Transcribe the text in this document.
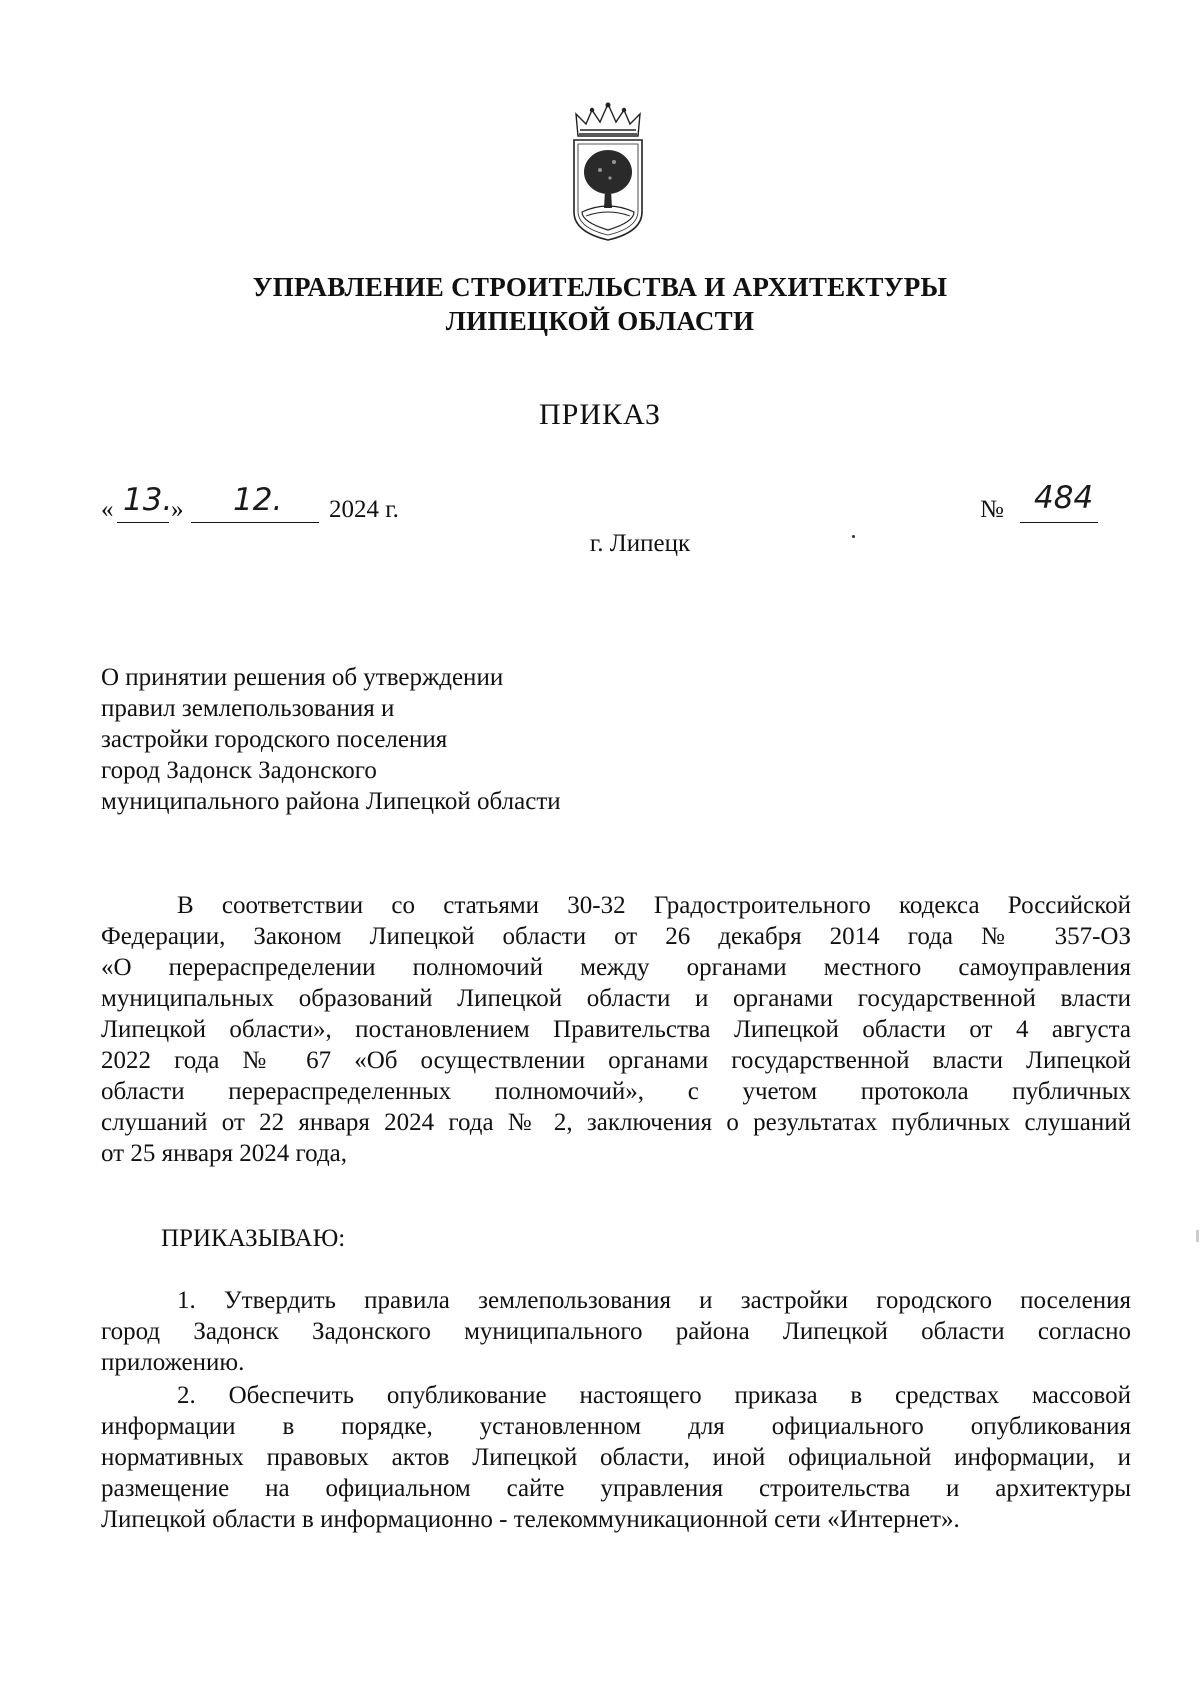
УПРАВЛЕНИЕ СТРОИТЕЛЬСТВА И АРХИТЕКТУРЫ
ЛИПЕЦКОЙ ОБЛАСТИ
ПРИКАЗ
« 13.
» 12. 2024 г.	№ 484
г. Липецк
О принятии решения об утверждении
правил землепользования и
застройки городского поселения
город Задонск Задонского
муниципального района Липецкой области
В соответствии со статьями 30-32 Градостроительного кодекса Российской
Федерации, Законом Липецкой области от 26 декабря 2014 года № 357-ОЗ
«О перераспределении полномочий между органами местного самоуправления
муниципальных образований Липецкой области и органами государственной власти
Липецкой области», постановлением Правительства Липецкой области от 4 августа
2022 года № 67 «Об осуществлении органами государственной власти Липецкой
области перераспределенных полномочий», с учетом протокола публичных
слушаний от 22 января 2024 года № 2, заключения о результатах публичных слушаний
от 25 января 2024 года,
ПРИКАЗЫВАЮ:
1. Утвердить правила землепользования и застройки городского поселения
город Задонск Задонского муниципального района Липецкой области согласно
приложению.
2. Обеспечить опубликование настоящего приказа в средствах массовой
информации в порядке, установленном для официального опубликования
нормативных правовых актов Липецкой области, иной официальной информации, и
размещение на официальном сайте управления строительства и архитектуры
Липецкой области в информационно - телекоммуникационной сети «Интернет».
